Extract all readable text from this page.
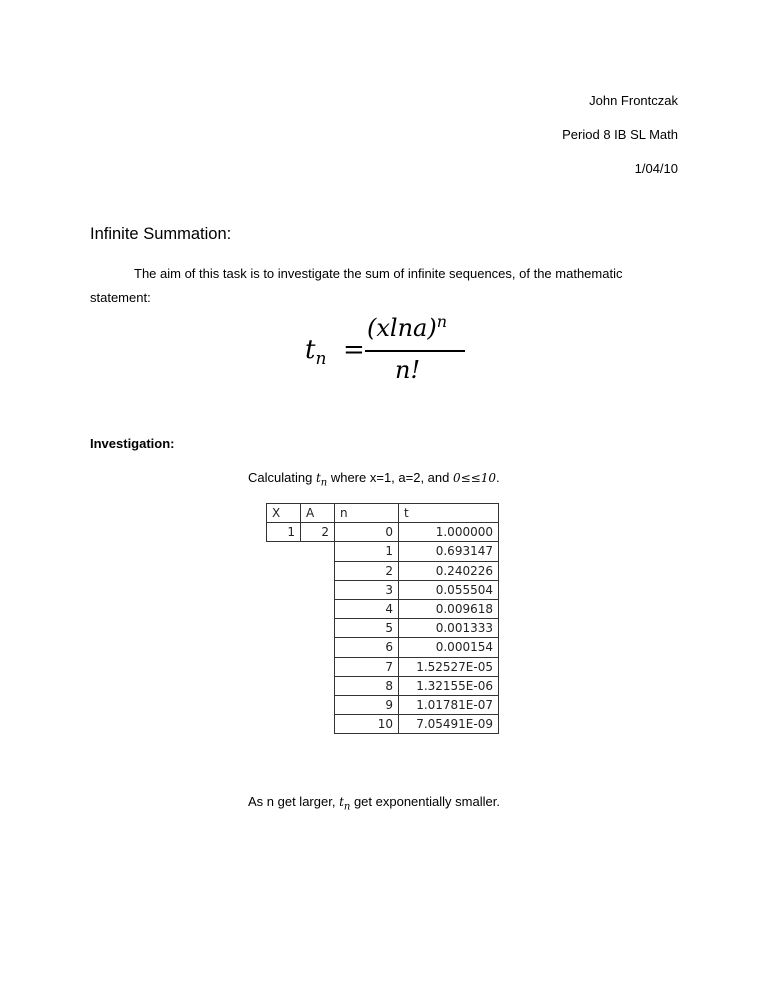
John Frontczak
Period 8 IB SL Math
1/04/10
Infinite Summation:
The aim of this task is to investigate the sum of infinite sequences, of the mathematic statement:
$t_n$ =
$(xlna)^n$
n!
Investigation:
Calculating $t_n$ where x=1, a=2, and 0≤≤10.
X	A	n	t
1	2	0	1.000000
		1	0.693147
		2	0.240226
		3	0.055504
		4	0.009618
		5	0.001333
		6	0.000154
		7	1.52527E-05
		8	1.32155E-06
		9	1.01781E-07
		10	7.05491E-09
As n get larger, $t_n$ get exponentially smaller.
